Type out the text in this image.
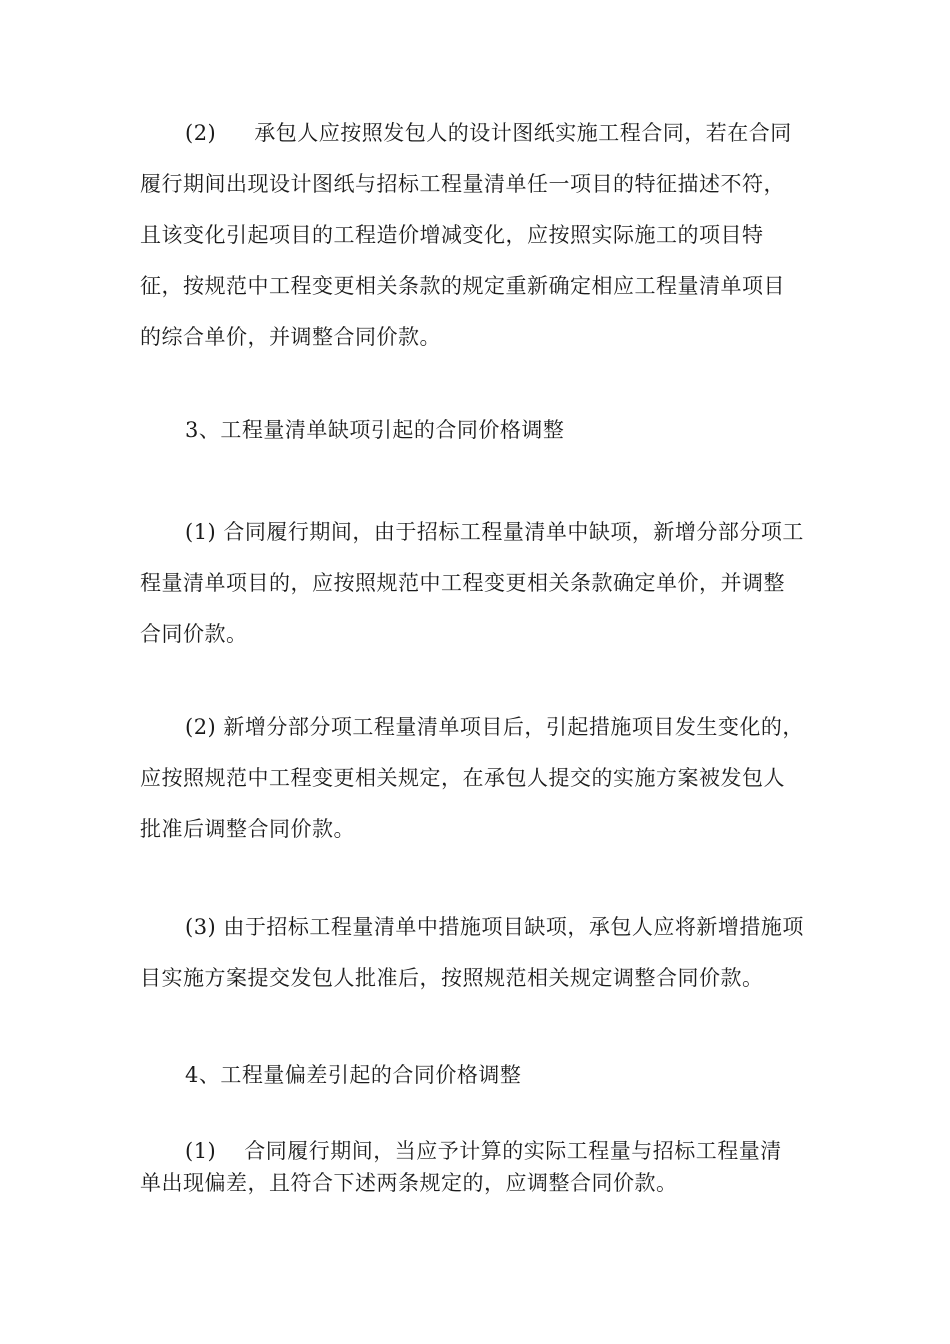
(2) 承包人应按照发包人的设计图纸实施工程合同，若在合同
履行期间出现设计图纸与招标工程量清单任一项目的特征描述不符，
且该变化引起项目的工程造价增减变化，应按照实际施工的项目特
征，按规范中工程变更相关条款的规定重新确定相应工程量清单项目
的综合单价，并调整合同价款。
3、工程量清单缺项引起的合同价格调整
(1) 合同履行期间，由于招标工程量清单中缺项，新增分部分项工
程量清单项目的，应按照规范中工程变更相关条款确定单价，并调整
合同价款。
(2) 新增分部分项工程量清单项目后，引起措施项目发生变化的，
应按照规范中工程变更相关规定，在承包人提交的实施方案被发包人
批准后调整合同价款。
(3) 由于招标工程量清单中措施项目缺项，承包人应将新增措施项
目实施方案提交发包人批准后，按照规范相关规定调整合同价款。
4、工程量偏差引起的合同价格调整
(1) 合同履行期间，当应予计算的实际工程量与招标工程量清
单出现偏差，且符合下述两条规定的，应调整合同价款。
